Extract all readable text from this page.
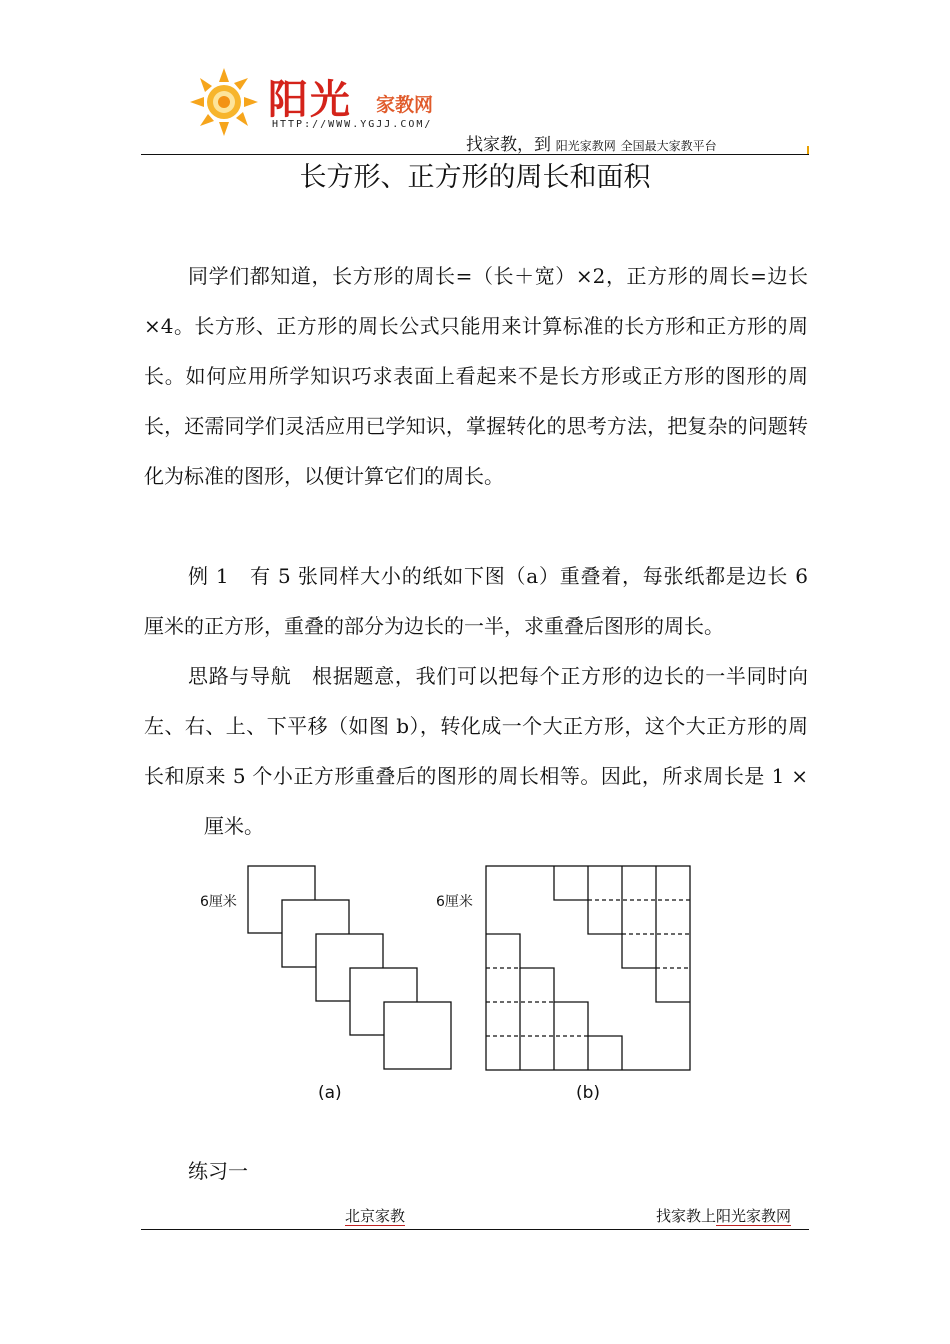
阳光 家教网
HTTP://WWW.YGJJ.COM/
找家教，到 阳光家教网 全国最大家教平台
长方形、正方形的周长和面积

同学们都知道，长方形的周长=（长＋宽）×2，正方形的周长=边长×4。长方形、正方形的周长公式只能用来计算标准的长方形和正方形的周长。如何应用所学知识巧求表面上看起来不是长方形或正方形的图形的周长，还需同学们灵活应用已学知识，掌握转化的思考方法，把复杂的问题转化为标准的图形，以便计算它们的周长。

例 1　有 5 张同样大小的纸如下图（a）重叠着，每张纸都是边长 6 厘米的正方形，重叠的部分为边长的一半，求重叠后图形的周长。

思路与导航　根据题意，我们可以把每个正方形的边长的一半同时向左、右、上、下平移（如图 b），转化成一个大正方形，这个大正方形的周长和原来 5 个小正方形重叠后的图形的周长相等。因此，所求周长是 1 ×厘米。

6厘米
(a)
6厘米
(b)
练习一
北京家教	找家教上阳光家教网
